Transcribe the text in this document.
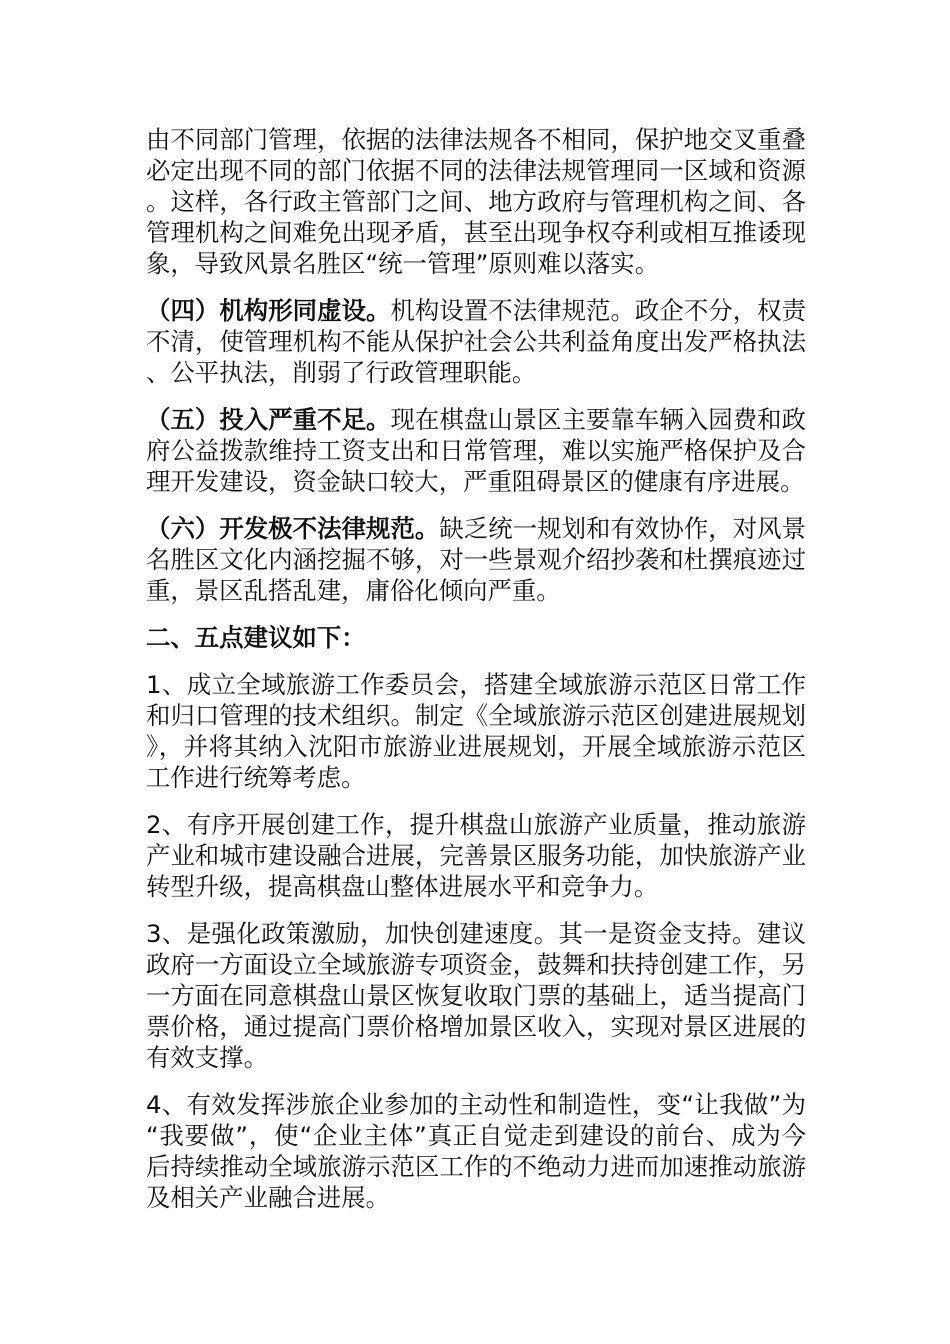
由不同部门管理，依据的法律法规各不相同，保护地交叉重叠必定出现不同的部门依据不同的法律法规管理同一区域和资源。这样，各行政主管部门之间、地方政府与管理机构之间、各管理机构之间难免出现矛盾，甚至出现争权夺利或相互推诿现象，导致风景名胜区“统一管理”原则难以落实。

（四）机构形同虚设。机构设置不法律规范。政企不分，权责不清，使管理机构不能从保护社会公共利益角度出发严格执法、公平执法，削弱了行政管理职能。

（五）投入严重不足。现在棋盘山景区主要靠车辆入园费和政府公益拨款维持工资支出和日常管理，难以实施严格保护及合理开发建设，资金缺口较大，严重阻碍景区的健康有序进展。

（六）开发极不法律规范。缺乏统一规划和有效协作，对风景名胜区文化内涵挖掘不够，对一些景观介绍抄袭和杜撰痕迹过重，景区乱搭乱建，庸俗化倾向严重。

二、五点建议如下：

1、成立全域旅游工作委员会，搭建全域旅游示范区日常工作和归口管理的技术组织。制定《全域旅游示范区创建进展规划》，并将其纳入沈阳市旅游业进展规划，开展全域旅游示范区工作进行统筹考虑。

2、有序开展创建工作，提升棋盘山旅游产业质量，推动旅游产业和城市建设融合进展，完善景区服务功能，加快旅游产业转型升级，提高棋盘山整体进展水平和竞争力。

3、是强化政策激励，加快创建速度。其一是资金支持。建议政府一方面设立全域旅游专项资金，鼓舞和扶持创建工作，另一方面在同意棋盘山景区恢复收取门票的基础上，适当提高门票价格，通过提高门票价格增加景区收入，实现对景区进展的有效支撑。

4、有效发挥涉旅企业参加的主动性和制造性，变“让我做”为“我要做”，使“企业主体”真正自觉走到建设的前台、成为今后持续推动全域旅游示范区工作的不绝动力进而加速推动旅游及相关产业融合进展。
